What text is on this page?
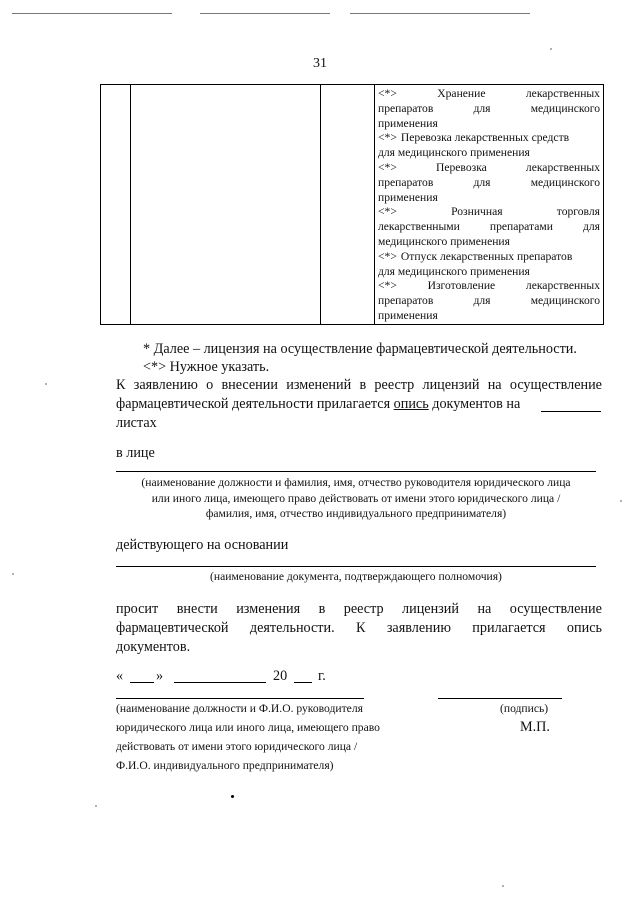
31
<*>	Хранение	лекарственных
препаратов	для	медицинского
применения
<*> Перевозка лекарственных средств
для медицинского применения
<*>	Перевозка	лекарственных
препаратов	для	медицинского
применения
<*>	Розничная	торговля
лекарственными	препаратами	для
медицинского применения
<*> Отпуск лекарственных препаратов
для медицинского применения
<*>	Изготовление	лекарственных
препаратов	для	медицинского
применения
* Далее – лицензия на осуществление фармацевтической деятельности.
<*> Нужное указать.
К заявлению о внесении изменений в реестр лицензий на осуществление
фармацевтической деятельности прилагается опись документов на
листах
в лице
(наименование должности и фамилия, имя, отчество руководителя юридического лица
или иного лица, имеющего право действовать от имени этого юридического лица /
фамилия, имя, отчество индивидуального предпринимателя)
действующего на основании
(наименование документа, подтверждающего полномочия)
просит внести изменения в реестр лицензий на осуществление
фармацевтической деятельности. К заявлению прилагается опись
документов.
« »	20 г.
(наименование должности и Ф.И.О. руководителя
юридического лица или иного лица, имеющего право
действовать от имени этого юридического лица /
Ф.И.О. индивидуального предпринимателя)
(подпись)
М.П.
